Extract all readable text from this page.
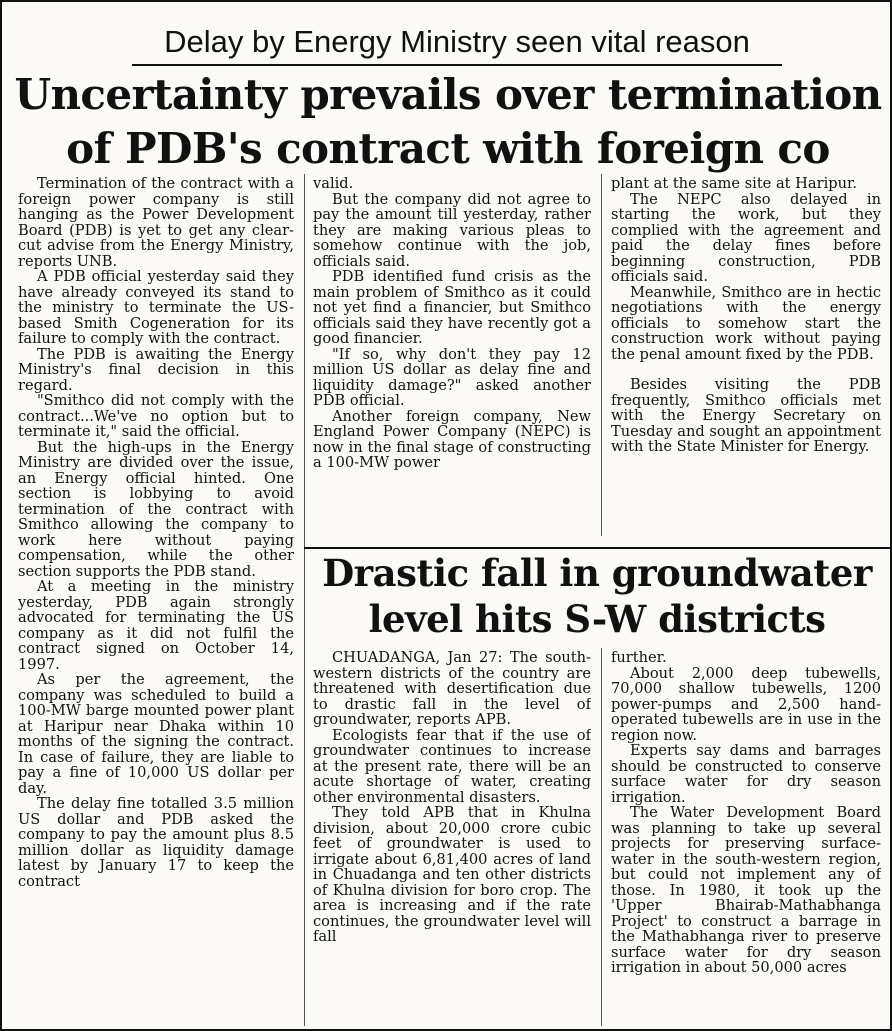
Delay by Energy Ministry seen vital reason
Uncertainty prevails over termination
of PDB's contract with foreign co

Termination of the contract with a foreign power company is still hanging as the Power Development Board (PDB) is yet to get any clear-cut advise from the Energy Ministry, reports UNB.

A PDB official yesterday said they have already conveyed its stand to the ministry to terminate the US-based Smith Cogeneration for its failure to comply with the contract.

The PDB is awaiting the Energy Ministry's final decision in this regard.

"Smithco did not comply with the contract...We've no option but to terminate it," said the official.

But the high-ups in the Energy Ministry are divided over the issue, an Energy official hinted. One section is lobbying to avoid termination of the contract with Smithco allowing the company to work here without paying compensation, while the other section supports the PDB stand.

At a meeting in the ministry yesterday, PDB again strongly advocated for terminating the US company as it did not fulfil the contract signed on October 14, 1997.

As per the agreement, the company was scheduled to build a 100-MW barge mounted power plant at Haripur near Dhaka within 10 months of the signing the contract. In case of failure, they are liable to pay a fine of 10,000 US dollar per day.

The delay fine totalled 3.5 million US dollar and PDB asked the company to pay the amount plus 8.5 million dollar as liquidity damage latest by January 17 to keep the contract

valid.

But the company did not agree to pay the amount till yesterday, rather they are making various pleas to somehow continue with the job, officials said.

PDB identified fund crisis as the main problem of Smithco as it could not yet find a financier, but Smithco officials said they have recently got a good financier.

"If so, why don't they pay 12 million US dollar as delay fine and liquidity damage?" asked another PDB official.

Another foreign company, New England Power Company (NEPC) is now in the final stage of constructing a 100-MW power

plant at the same site at Haripur.

The NEPC also delayed in starting the work, but they complied with the agreement and paid the delay fines before beginning construction, PDB officials said.

Meanwhile, Smithco are in hectic negotiations with the energy officials to somehow start the construction work without paying the penal amount fixed by the PDB.

Besides visiting the PDB frequently, Smithco officials met with the Energy Secretary on Tuesday and sought an appointment with the State Minister for Energy.

Drastic fall in groundwater
level hits S-W districts

CHUADANGA, Jan 27: The south-western districts of the country are threatened with desertification due to drastic fall in the level of groundwater, reports APB.

Ecologists fear that if the use of groundwater continues to increase at the present rate, there will be an acute shortage of water, creating other environmental disasters.

They told APB that in Khulna division, about 20,000 crore cubic feet of groundwater is used to irrigate about 6,81,400 acres of land in Chuadanga and ten other districts of Khulna division for boro crop. The area is increasing and if the rate continues, the groundwater level will fall

further.

About 2,000 deep tubewells, 70,000 shallow tubewells, 1200 power-pumps and 2,500 hand-operated tubewells are in use in the region now.

Experts say dams and barrages should be constructed to conserve surface water for dry season irrigation.

The Water Development Board was planning to take up several projects for preserving surface-water in the south-western region, but could not implement any of those. In 1980, it took up the 'Upper Bhairab-Mathabhanga Project' to construct a barrage in the Mathabhanga river to preserve surface water for dry season irrigation in about 50,000 acres
